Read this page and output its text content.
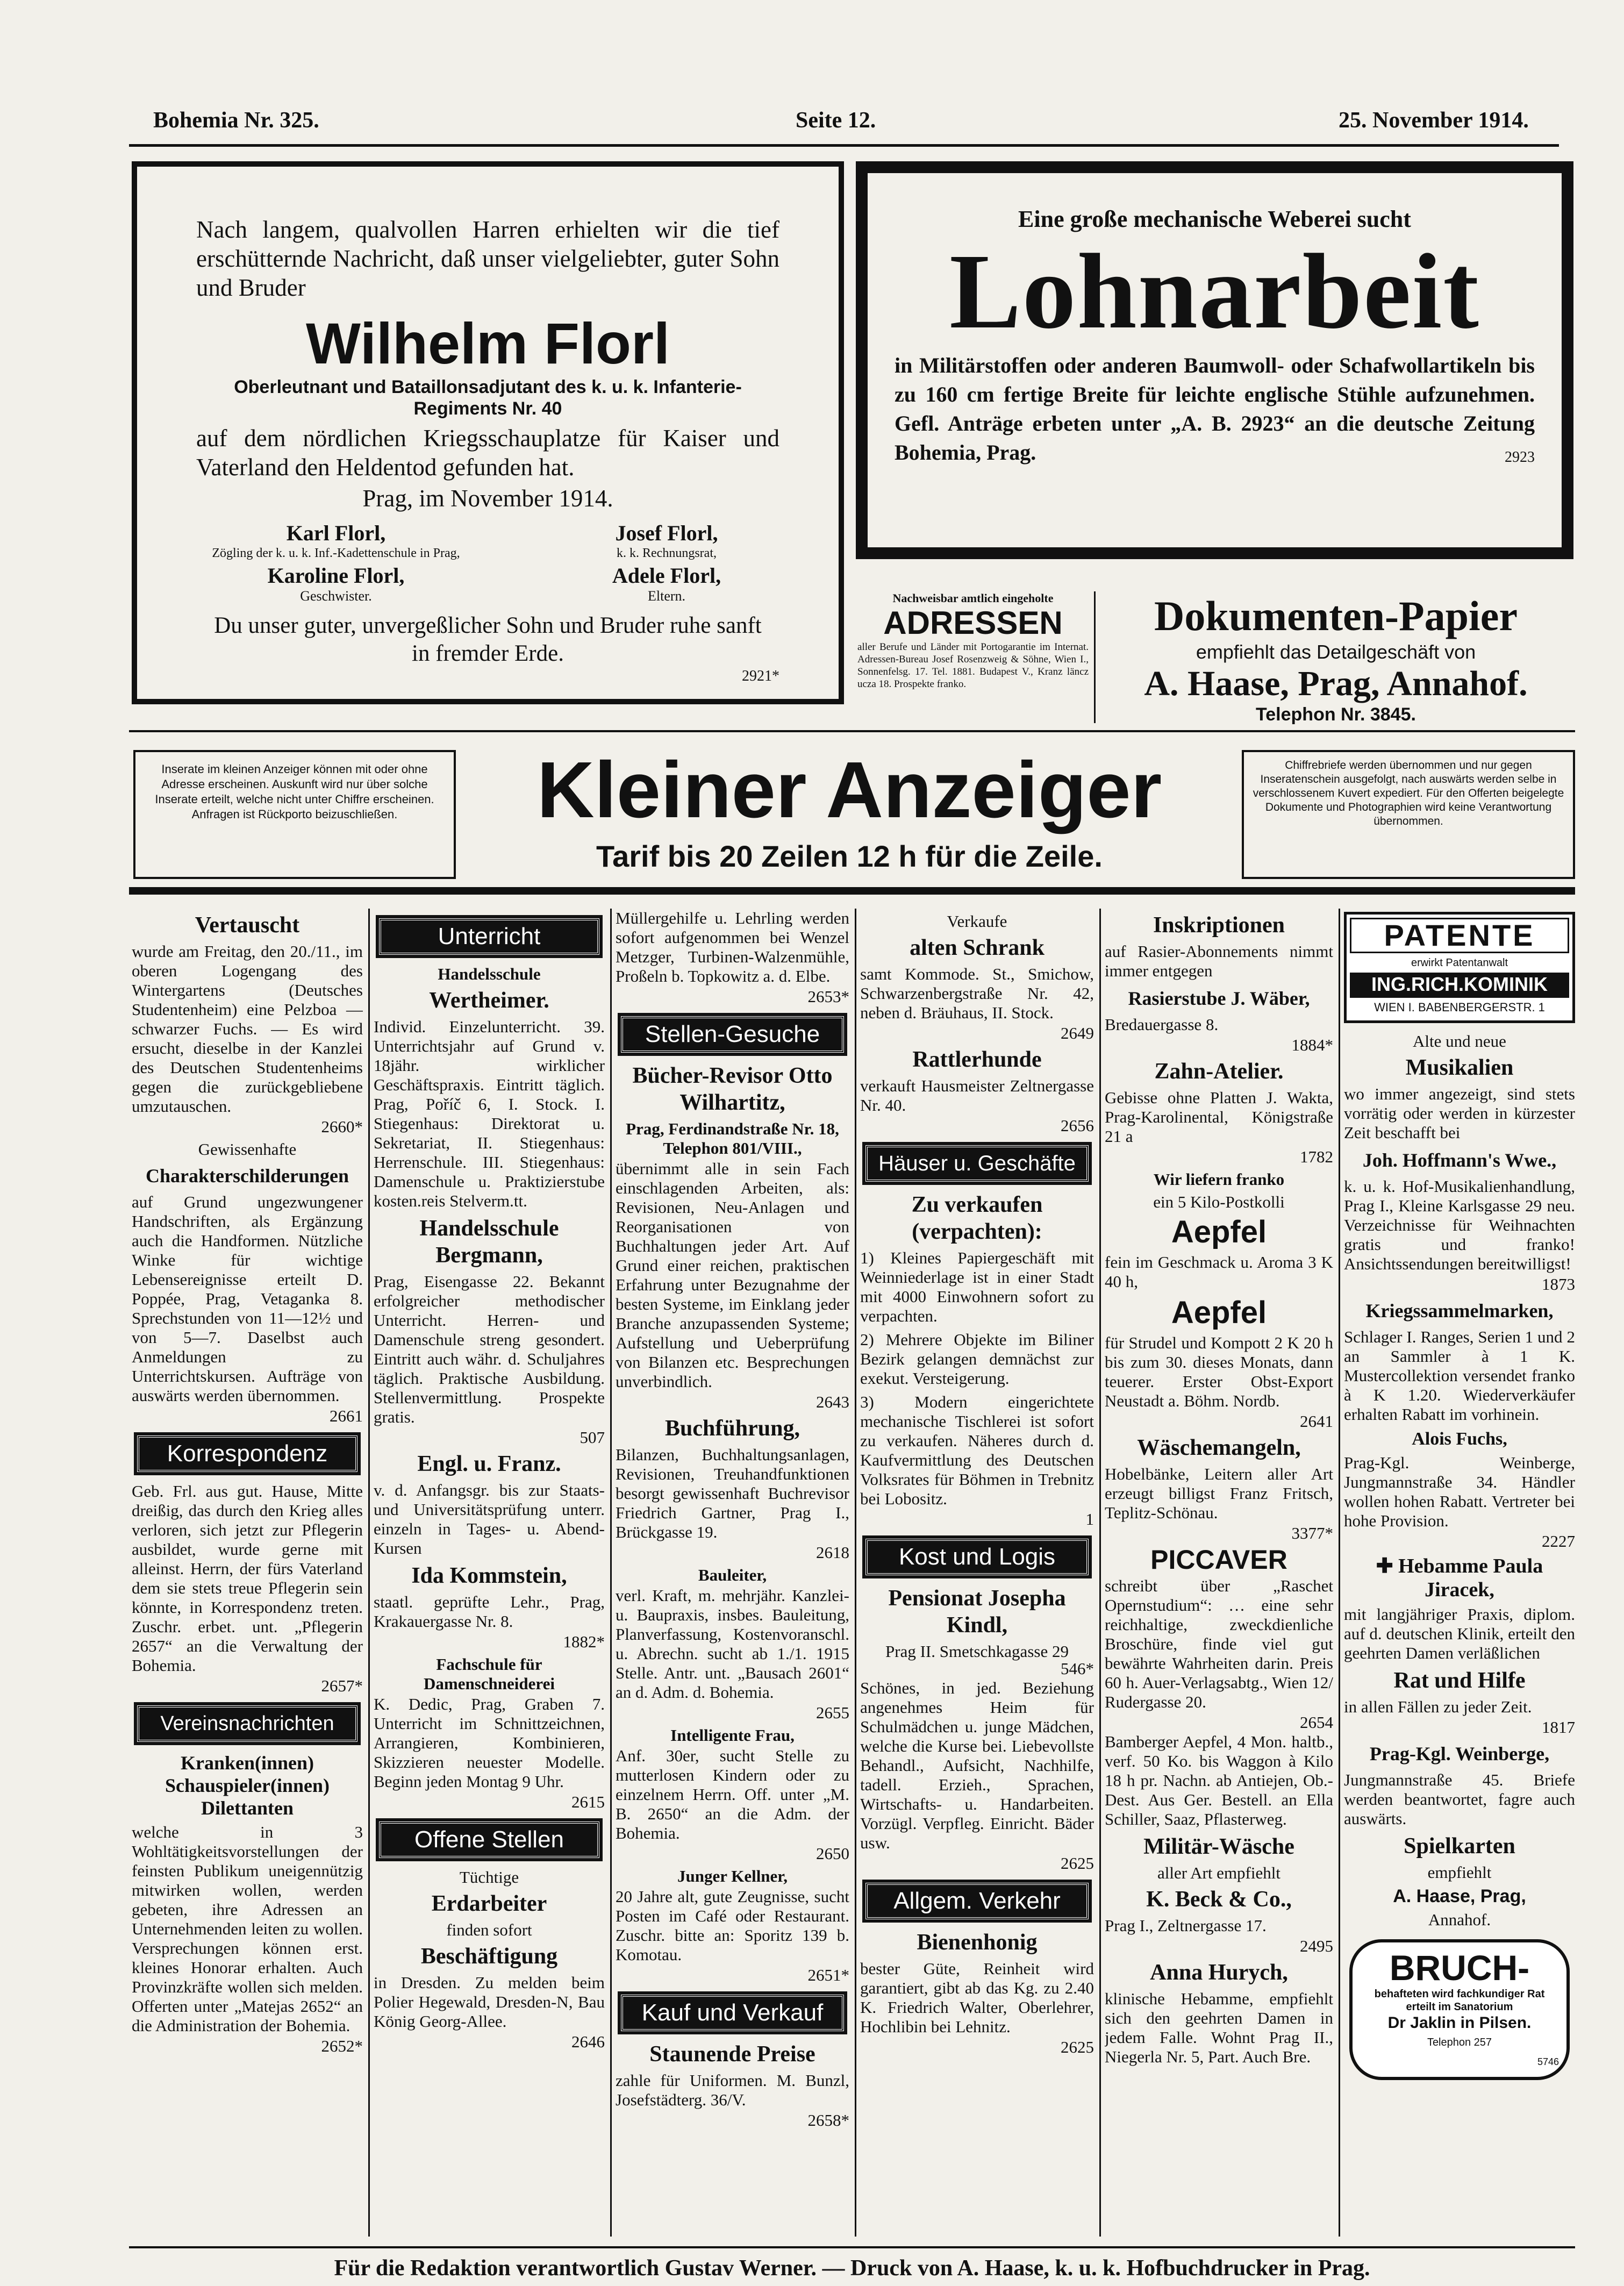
Bohemia Nr. 325.	Seite 12.	25. November 1914.
Nach langem, qualvollen Harren erhielten wir die tief erschütternde Nachricht, daß unser vielgeliebter, guter Sohn und Bruder
Wilhelm Florl
Oberleutnant und Bataillonsadjutant des k. u. k. Infanterie-Regiments Nr. 40
auf dem nördlichen Kriegsschauplatze für Kaiser und Vaterland den Heldentod gefunden hat.
Prag, im November 1914.
Karl Florl,
Zögling der k. u. k. Inf.-Kadettenschule in Prag,
Karoline Florl,
Geschwister.
Josef Florl,
k. k. Rechnungsrat,
Adele Florl,
Eltern.
Du unser guter, unvergeßlicher Sohn und Bruder ruhe sanft in fremder Erde.
2921*
Eine große mechanische Weberei sucht
Lohnarbeit
in Militärstoffen oder anderen Baumwoll- oder Schafwollartikeln bis zu 160 cm fertige Breite für leichte englische Stühle aufzunehmen. Gefl. Anträge erbeten unter „A. B. 2923“ an die deutsche Zeitung Bohemia, Prag.	2923
Nachweisbar amtlich eingeholte
ADRESSEN
aller Berufe und Länder mit Portogarantie im Internat. Adressen-Bureau Josef Rosenzweig & Söhne, Wien I., Sonnenfelsg. 17. Tel. 1881. Budapest V., Kranz läncz ucza 18. Prospekte franko.
Dokumenten-Papier
empfiehlt das Detailgeschäft von
A. Haase, Prag, Annahof.
Telephon Nr. 3845.
Inserate im kleinen Anzeiger können mit oder ohne Adresse erscheinen. Auskunft wird nur über solche Inserate erteilt, welche nicht unter Chiffre erscheinen. Anfragen ist Rückporto beizuschließen.
Chiffrebriefe werden übernommen und nur gegen Inseratenschein ausgefolgt, nach auswärts werden selbe in verschlossenem Kuvert expediert. Für den Offerten beigelegte Dokumente und Photographien wird keine Verantwortung übernommen.
Kleiner Anzeiger
Tarif bis 20 Zeilen 12 h für die Zeile.
Vertauscht

wurde am Freitag, den 20./11., im oberen Logengang des Wintergartens (Deutsches Studentenheim) eine Pelzboa — schwarzer Fuchs. — Es wird ersucht, dieselbe in der Kanzlei des Deutschen Studentenheims gegen die zurückgebliebene umzutauschen.

2660*
Gewissenhafte
Charakterschilderungen

auf Grund ungezwungener Handschriften, als Ergänzung auch die Handformen. Nützliche Winke für wichtige Lebensereignisse erteilt D. Poppée, Prag, Vetaganka 8. Sprechstunden von 11—12½ und von 5—7. Daselbst auch Anmeldungen zu Unterrichtskursen. Aufträge von auswärts werden übernommen.

2661
Korrespondenz

Geb. Frl. aus gut. Hause, Mitte dreißig, das durch den Krieg alles verloren, sich jetzt zur Pflegerin ausbildet, wurde gerne mit alleinst. Herrn, der fürs Vaterland dem sie stets treue Pflegerin sein könnte, in Korrespondenz treten. Zuschr. erbet. unt. „Pflegerin 2657“ an die Verwaltung der Bohemia.

2657*
Vereinsnachrichten
Kranken(innen) Schauspieler(innen) Dilettanten

welche in 3 Wohltätigkeitsvorstellungen der feinsten Publikum uneigennützig mitwirken wollen, werden gebeten, ihre Adressen an Unternehmenden leiten zu wollen. Versprechungen können erst. kleines Honorar erhalten. Auch Provinzkräfte wollen sich melden. Offerten unter „Matejas 2652“ an die Administration der Bohemia.

2652*
Unterricht
Handelsschule
Wertheimer.

Individ. Einzelunterricht. 39. Unterrichtsjahr auf Grund v. 18jähr. wirklicher Geschäftspraxis. Eintritt täglich. Prag, Poříč 6, I. Stock. I. Stiegenhaus: Direktorat u. Sekretariat, II. Stiegenhaus: Herrenschule. III. Stiegenhaus: Damenschule u. Praktizierstube kosten.reis Stelverm.tt.

Handelsschule Bergmann,

Prag, Eisengasse 22. Bekannt erfolgreicher methodischer Unterricht. Herren- und Damenschule streng gesondert. Eintritt auch währ. d. Schuljahres täglich. Praktische Ausbildung. Stellenvermittlung. Prospekte gratis.

507
Engl. u. Franz.

v. d. Anfangsgr. bis zur Staats- und Universitätsprüfung unterr. einzeln in Tages- u. Abend-Kursen

Ida Kommstein,

staatl. geprüfte Lehr., Prag, Krakauergasse Nr. 8.

1882*
Fachschule für Damenschneiderei

K. Dedic, Prag, Graben 7. Unterricht im Schnittzeichnen, Arrangieren, Kombinieren, Skizzieren neuester Modelle. Beginn jeden Montag 9 Uhr.

2615
Offene Stellen
Tüchtige
Erdarbeiter
finden sofort
Beschäftigung

in Dresden. Zu melden beim Polier Hegewald, Dresden-N, Bau König Georg-Allee.

2646

Müllergehilfe u. Lehrling werden sofort aufgenommen bei Wenzel Metzger, Turbinen-Walzenmühle, Proßeln b. Topkowitz a. d. Elbe.

2653*
Stellen-Gesuche
Bücher-Revisor Otto Wilhartitz,
Prag, Ferdinandstraße Nr. 18, Telephon 801/VIII.,

übernimmt alle in sein Fach einschlagenden Arbeiten, als: Revisionen, Neu-Anlagen und Reorganisationen von Buchhaltungen jeder Art. Auf Grund einer reichen, praktischen Erfahrung unter Bezugnahme der besten Systeme, im Einklang jeder Branche anzupassenden Systeme; Aufstellung und Ueberprüfung von Bilanzen etc. Besprechungen unverbindlich.

2643
Buchführung,

Bilanzen, Buchhaltungsanlagen, Revisionen, Treuhandfunktionen besorgt gewissenhaft Buchrevisor Friedrich Gartner, Prag I., Brückgasse 19.

2618
Bauleiter,

verl. Kraft, m. mehrjähr. Kanzlei- u. Baupraxis, insbes. Bauleitung, Planverfassung, Kostenvoranschl. u. Abrechn. sucht ab 1./1. 1915 Stelle. Antr. unt. „Bausach 2601“ an d. Adm. d. Bohemia.

2655
Intelligente Frau,

Anf. 30er, sucht Stelle zu mutterlosen Kindern oder zu einzelnem Herrn. Off. unter „M. B. 2650“ an die Adm. der Bohemia.

2650
Junger Kellner,

20 Jahre alt, gute Zeugnisse, sucht Posten im Café oder Restaurant. Zuschr. bitte an: Sporitz 139 b. Komotau.

2651*
Kauf und Verkauf
Staunende Preise

zahle für Uniformen. M. Bunzl, Josefstädterg. 36/V.

2658*
Verkaufe
alten Schrank

samt Kommode. St., Smichow, Schwarzenbergstraße Nr. 42, neben d. Bräuhaus, II. Stock.

2649
Rattlerhunde

verkauft Hausmeister Zeltnergasse Nr. 40.

2656
Häuser u. Geschäfte
Zu verkaufen (verpachten):

1) Kleines Papiergeschäft mit Weinniederlage ist in einer Stadt mit 4000 Einwohnern sofort zu verpachten.

2) Mehrere Objekte im Biliner Bezirk gelangen demnächst zur exekut. Versteigerung.

3) Modern eingerichtete mechanische Tischlerei ist sofort zu verkaufen. Näheres durch d. Kaufvermittlung des Deutschen Volksrates für Böhmen in Trebnitz bei Lobositz.

1
Kost und Logis
Pensionat Josepha Kindl,
Prag II. Smetschkagasse 29
546*

Schönes, in jed. Beziehung angenehmes Heim für Schulmädchen u. junge Mädchen, welche die Kurse bei. Liebevollste Behandl., Aufsicht, Nachhilfe, tadell. Erzieh., Sprachen, Wirtschafts- u. Handarbeiten. Vorzügl. Verpfleg. Einricht. Bäder usw.

2625
Allgem. Verkehr
Bienenhonig

bester Güte, Reinheit wird garantiert, gibt ab das Kg. zu 2.40 K. Friedrich Walter, Oberlehrer, Hochlibin bei Lehnitz.

2625
Inskriptionen

auf Rasier-Abonnements nimmt immer entgegen

Rasierstube J. Wäber,

Bredauergasse 8.

1884*
Zahn-Atelier.

Gebisse ohne Platten J. Wakta, Prag-Karolinental, Königstraße 21 a

1782
Wir liefern franko
ein 5 Kilo-Postkolli
Aepfel

fein im Geschmack u. Aroma 3 K 40 h,

Aepfel

für Strudel und Kompott 2 K 20 h bis zum 30. dieses Monats, dann teuerer. Erster Obst-Export Neustadt a. Böhm. Nordb.

2641
Wäschemangeln,

Hobelbänke, Leitern aller Art erzeugt billigst Franz Fritsch, Teplitz-Schönau.

3377*
PICCAVER

schreibt über „Raschet Opernstudium“: … eine sehr reichhaltige, zweckdienliche Broschüre, finde viel gut bewährte Wahrheiten darin. Preis 60 h. Auer-Verlagsabtg., Wien 12/ Rudergasse 20.

2654

Bamberger Aepfel, 4 Mon. haltb., verf. 50 Ko. bis Waggon à Kilo 18 h pr. Nachn. ab Antiejen, Ob.-Dest. Aus Ger. Bestell. an Ella Schiller, Saaz, Pflasterweg.

Militär-Wäsche
aller Art empfiehlt
K. Beck & Co.,

Prag I., Zeltnergasse 17.

2495
Anna Hurych,

klinische Hebamme, empfiehlt sich den geehrten Damen in jedem Falle. Wohnt Prag II., Niegerla Nr. 5, Part. Auch Bre.

PATENTE
erwirkt Patentanwalt
ING.RICH.KOMINIK
WIEN I. BABENBERGERSTR. 1
Alte und neue
Musikalien

wo immer angezeigt, sind stets vorrätig oder werden in kürzester Zeit beschafft bei

Joh. Hoffmann's Wwe.,

k. u. k. Hof-Musikalienhandlung, Prag I., Kleine Karlsgasse 29 neu. Verzeichnisse für Weihnachten gratis und franko! Ansichtssendungen bereitwilligst!

1873
Kriegssammelmarken,

Schlager I. Ranges, Serien 1 und 2 an Sammler à 1 K. Mustercollektion versendet franko à K 1.20. Wiederverkäufer erhalten Rabatt im vorhinein.

Alois Fuchs,

Prag-Kgl. Weinberge, Jungmannstraße 34. Händler wollen hohen Rabatt. Vertreter bei hohe Provision.

2227
✚ Hebamme Paula Jiracek,

mit langjähriger Praxis, diplom. auf d. deutschen Klinik, erteilt den geehrten Damen verläßlichen

Rat und Hilfe

in allen Fällen zu jeder Zeit.

1817
Prag-Kgl. Weinberge,

Jungmannstraße 45. Briefe werden beantwortet, fagre auch auswärts.

Spielkarten
empfiehlt
A. Haase, Prag,
Annahof.
BRUCH-
behafteten wird fachkundiger Rat erteilt im Sanatorium
Dr Jaklin in Pilsen.
Telephon 257
5746
Für die Redaktion verantwortlich Gustav Werner. — Druck von A. Haase, k. u. k. Hofbuchdrucker in Prag.
